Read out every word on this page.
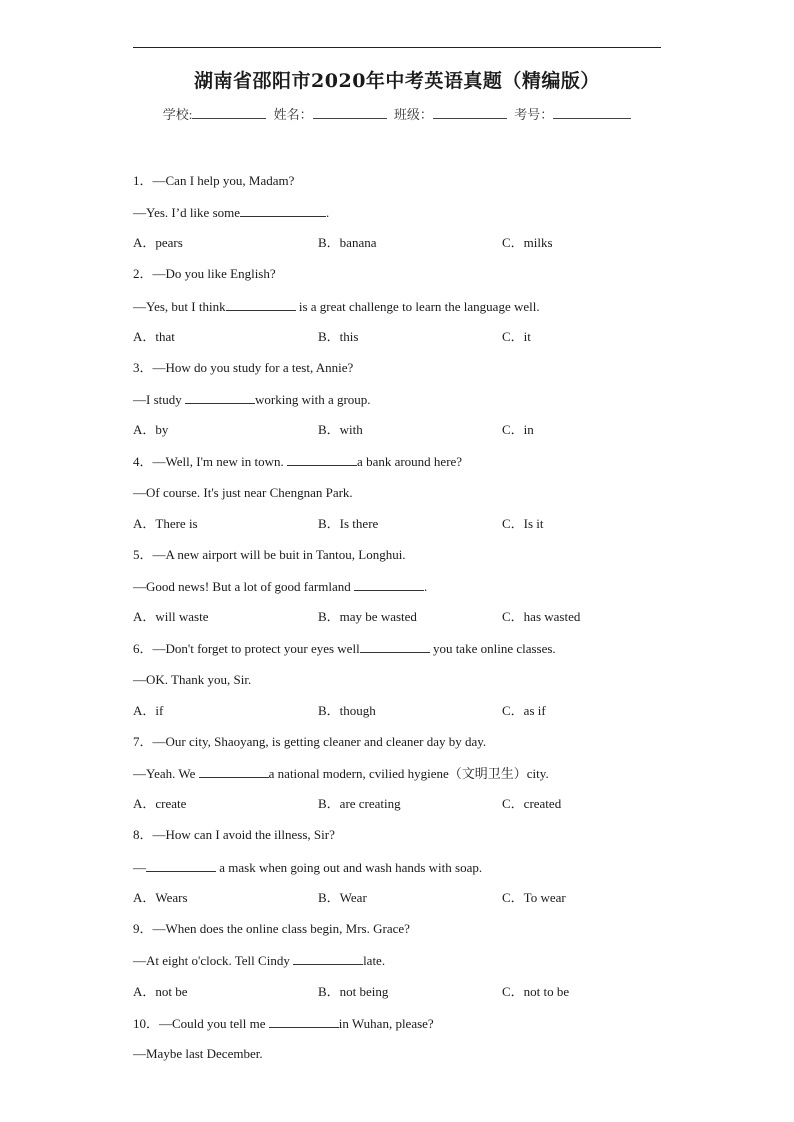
湖南省邵阳市2020年中考英语真题（精编版）
学校:	姓名：	班级：	考号：
1．—Can I help you, Madam?
—Yes. I’d like some	.
A．pears	B．banana	C．milks
2．—Do you like English?
—Yes, but I think	is a great challenge to learn the language well.
A．that	B．this	C．it
3．—How do you study for a test, Annie?
—I study	working with a group.
A．by	B．with	C．in
4．—Well, I'm new in town.	a bank around here?
—Of course. It's just near Chengnan Park.
A．There is	B．Is there	C．Is it
5．—A new airport will be buit in Tantou, Longhui.
—Good news! But a lot of good farmland	.
A．will waste	B．may be wasted	C．has wasted
6．—Don't forget to protect your eyes well	you take online classes.
—OK. Thank you, Sir.
A．if	B．though	C．as if
7．—Our city, Shaoyang, is getting cleaner and cleaner day by day.
—Yeah. We	a national modern, cvilied hygiene（文明卫生）city.
A．create	B．are creating	C．created
8．—How can I avoid the illness, Sir?
—	a mask when going out and wash hands with soap.
A．Wears	B．Wear	C．To wear
9．—When does the online class begin, Mrs. Grace?
—At eight o'clock. Tell Cindy	late.
A．not be	B．not being	C．not to be
10．—Could you tell me	in Wuhan, please?
—Maybe last December.
